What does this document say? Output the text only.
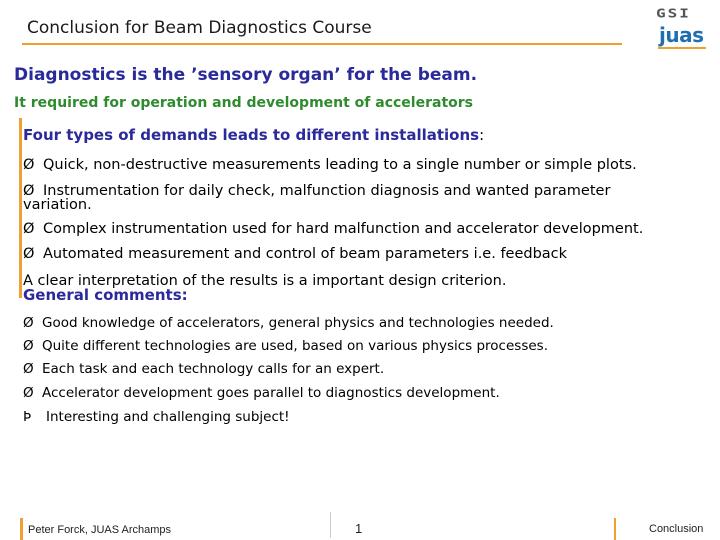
Conclusion for Beam Diagnostics Course
GSI
juas
Diagnostics is the ’sensory organ’ for the beam.
It required for operation and development of accelerators
Four types of demands leads to different installations:
Ø Quick, non-destructive measurements leading to a single number or simple plots.
Ø Instrumentation for daily check, malfunction diagnosis and wanted parameter variation.
Ø Complex instrumentation used for hard malfunction and accelerator development.
Ø Automated measurement and control of beam parameters i.e. feedback
A clear interpretation of the results is a important design criterion.
General comments:
Ø Good knowledge of accelerators, general physics and technologies needed.
Ø Quite different technologies are used, based on various physics processes.
Ø Each task and each technology calls for an expert.
Ø Accelerator development goes parallel to diagnostics development.
Þ Interesting and challenging subject!
Peter Forck, JUAS Archamps	1	Conclusion
